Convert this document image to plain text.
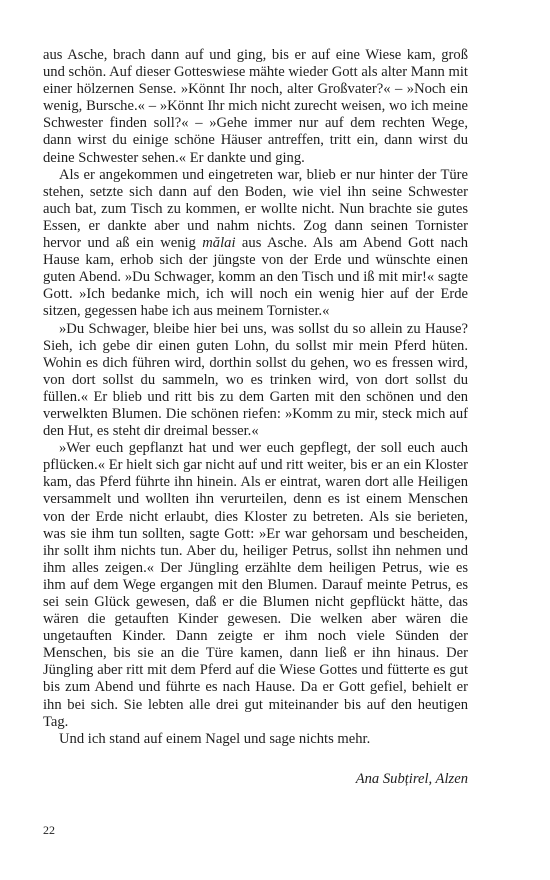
aus Asche, brach dann auf und ging, bis er auf eine Wiese kam, groß und schön. Auf dieser Gotteswiese mähte wieder Gott als alter Mann mit einer hölzernen Sense. »Könnt Ihr noch, alter Großvater?« – »Noch ein wenig, Bursche.« – »Könnt Ihr mich nicht zurecht weisen, wo ich meine Schwester finden soll?« – »Gehe immer nur auf dem rechten Wege, dann wirst du einige schöne Häuser antreffen, tritt ein, dann wirst du deine Schwester sehen.« Er dankte und ging.

Als er angekommen und eingetreten war, blieb er nur hinter der Türe stehen, setzte sich dann auf den Boden, wie viel ihn seine Schwester auch bat, zum Tisch zu kommen, er wollte nicht. Nun brachte sie gutes Essen, er dankte aber und nahm nichts. Zog dann seinen Tornister hervor und aß ein wenig mălai aus Asche. Als am Abend Gott nach Hause kam, erhob sich der jüngste von der Erde und wünschte einen guten Abend. »Du Schwager, komm an den Tisch und iß mit mir!« sagte Gott. »Ich bedanke mich, ich will noch ein wenig hier auf der Erde sitzen, gegessen habe ich aus meinem Tornister.«

»Du Schwager, bleibe hier bei uns, was sollst du so allein zu Hause? Sieh, ich gebe dir einen guten Lohn, du sollst mir mein Pferd hüten. Wohin es dich führen wird, dorthin sollst du gehen, wo es fressen wird, von dort sollst du sammeln, wo es trinken wird, von dort sollst du füllen.« Er blieb und ritt bis zu dem Garten mit den schönen und den verwelkten Blumen. Die schönen riefen: »Komm zu mir, steck mich auf den Hut, es steht dir dreimal besser.«

»Wer euch gepflanzt hat und wer euch gepflegt, der soll euch auch pflücken.« Er hielt sich gar nicht auf und ritt weiter, bis er an ein Kloster kam, das Pferd führte ihn hinein. Als er eintrat, waren dort alle Heiligen versammelt und wollten ihn verurteilen, denn es ist einem Menschen von der Erde nicht erlaubt, dies Kloster zu betreten. Als sie berieten, was sie ihm tun sollten, sagte Gott: »Er war gehorsam und bescheiden, ihr sollt ihm nichts tun. Aber du, heiliger Petrus, sollst ihn nehmen und ihm alles zeigen.« Der Jüngling erzählte dem heiligen Petrus, wie es ihm auf dem Wege ergangen mit den Blumen. Darauf meinte Petrus, es sei sein Glück gewesen, daß er die Blumen nicht gepflückt hätte, das wären die getauften Kinder gewesen. Die welken aber wären die ungetauften Kinder. Dann zeigte er ihm noch viele Sünden der Menschen, bis sie an die Türe kamen, dann ließ er ihn hinaus. Der Jüngling aber ritt mit dem Pferd auf die Wiese Gottes und fütterte es gut bis zum Abend und führte es nach Hause. Da er Gott gefiel, behielt er ihn bei sich. Sie lebten alle drei gut miteinander bis auf den heutigen Tag.

Und ich stand auf einem Nagel und sage nichts mehr.

Ana Subțirel, Alzen
22
